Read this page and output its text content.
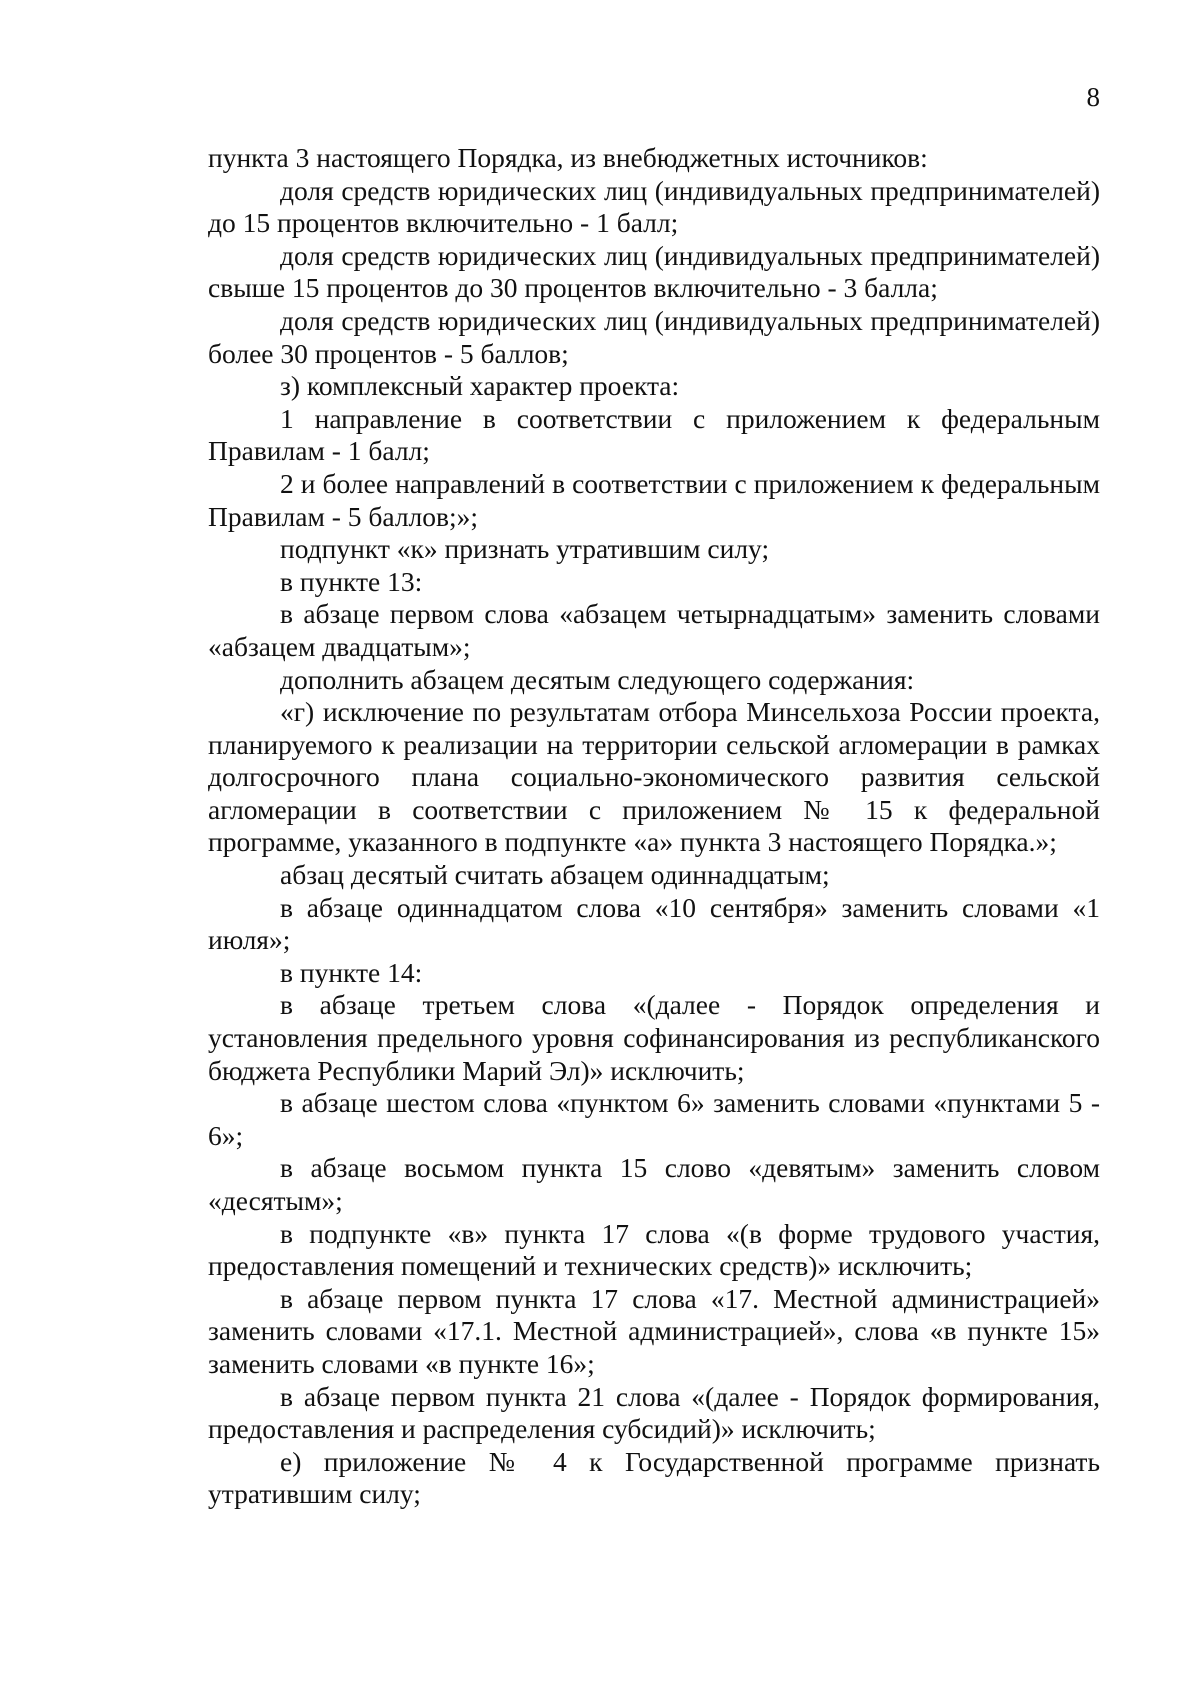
8

пункта 3 настоящего Порядка, из внебюджетных источников:

доля средств юридических лиц (индивидуальных предпринимателей) до 15 процентов включительно - 1 балл;

доля средств юридических лиц (индивидуальных предпринимателей) свыше 15 процентов до 30 процентов включительно - 3 балла;

доля средств юридических лиц (индивидуальных предпринимателей) более 30 процентов - 5 баллов;

з) комплексный характер проекта:

1 направление в соответствии с приложением к федеральным Правилам - 1 балл;

2 и более направлений в соответствии с приложением к федеральным Правилам - 5 баллов;»;

подпункт «к» признать утратившим силу;

в пункте 13:

в абзаце первом слова «абзацем четырнадцатым» заменить словами «абзацем двадцатым»;

дополнить абзацем десятым следующего содержания:

«г) исключение по результатам отбора Минсельхоза России проекта, планируемого к реализации на территории сельской агломерации в рамках долгосрочного плана социально-экономического развития сельской агломерации в соответствии с приложением № 15 к федеральной программе, указанного в подпункте «а» пункта 3 настоящего Порядка.»;

абзац десятый считать абзацем одиннадцатым;

в абзаце одиннадцатом слова «10 сентября» заменить словами «1 июля»;

в пункте 14:

в абзаце третьем слова «(далее - Порядок определения и установления предельного уровня софинансирования из республиканского бюджета Республики Марий Эл)» исключить;

в абзаце шестом слова «пунктом 6» заменить словами «пунктами 5 - 6»;

в абзаце восьмом пункта 15 слово «девятым» заменить словом «десятым»;

в подпункте «в» пункта 17 слова «(в форме трудового участия, предоставления помещений и технических средств)» исключить;

в абзаце первом пункта 17 слова «17. Местной администрацией» заменить словами «17.1. Местной администрацией», слова «в пункте 15» заменить словами «в пункте 16»;

в абзаце первом пункта 21 слова «(далее - Порядок формирования, предоставления и распределения субсидий)» исключить;

е) приложение № 4 к Государственной программе признать утратившим силу;
